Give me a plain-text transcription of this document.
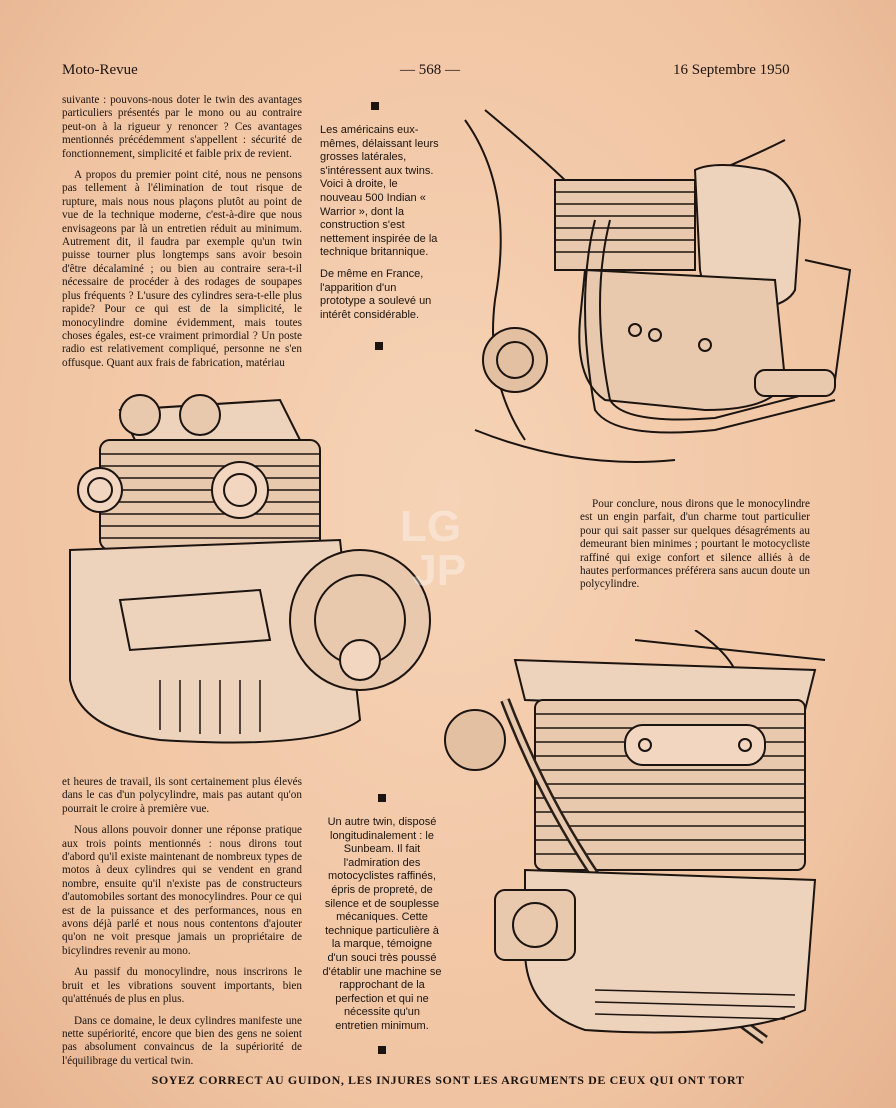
Moto-Revue	— 568 —	16 Septembre 1950

suivante : pouvons-nous doter le twin des avantages particuliers présentés par le mono ou au contraire peut-on à la rigueur y renoncer ? Ces avantages mentionnés précédemment s'appellent : sécurité de fonctionnement, simplicité et faible prix de revient.

A propos du premier point cité, nous ne pensons pas tellement à l'élimination de tout risque de rupture, mais nous nous plaçons plutôt au point de vue de la technique moderne, c'est-à-dire que nous envisageons par là un entretien réduit au minimum. Autrement dit, il faudra par exemple qu'un twin puisse tourner plus longtemps sans avoir besoin d'être décalaminé ; ou bien au contraire sera-t-il nécessaire de procéder à des rodages de soupapes plus fréquents ? L'usure des cylindres sera-t-elle plus rapide? Pour ce qui est de la simplicité, le monocylindre domine évidemment, mais toutes choses égales, est-ce vraiment primordial ? Un poste radio est relativement compliqué, personne ne s'en offusque. Quant aux frais de fabrication, matériau

Les américains eux-mêmes, délaissant leurs grosses latérales, s'intéressent aux twins. Voici à droite, le nouveau 500 Indian « Warrior », dont la construction s'est nettement inspirée de la technique britannique.

De même en France, l'apparition d'un prototype a soulevé un intérêt considérable.

Pour conclure, nous dirons que le monocylindre est un engin parfait, d'un charme tout particulier pour qui sait passer sur quelques désagréments au demeurant bien minimes ; pourtant le motocycliste raffiné qui exige confort et silence alliés à de hautes performances préférera sans aucun doute un polycylindre.

LG
JP

et heures de travail, ils sont certainement plus élevés dans le cas d'un polycylindre, mais pas autant qu'on pourrait le croire à première vue.

Nous allons pouvoir donner une réponse pratique aux trois points mentionnés : nous dirons tout d'abord qu'il existe maintenant de nombreux types de motos à deux cylindres qui se vendent en grand nombre, ensuite qu'il n'existe pas de constructeurs d'automobiles sortant des monocylindres. Pour ce qui est de la puissance et des performances, nous en avons déjà parlé et nous nous contentons d'ajouter qu'on ne voit presque jamais un propriétaire de bicylindres revenir au mono.

Au passif du monocylindre, nous inscrirons le bruit et les vibrations souvent importants, bien qu'atténués de plus en plus.

Dans ce domaine, le deux cylindres manifeste une nette supériorité, encore que bien des gens ne soient pas absolument convaincus de la supériorité de l'équilibrage du vertical twin.

Un autre twin, disposé longitudinalement : le Sunbeam. Il fait l'admiration des motocyclistes raffinés, épris de propreté, de silence et de souplesse mécaniques. Cette technique particulière à la marque, témoigne d'un souci très poussé d'établir une machine se rapprochant de la perfection et qui ne nécessite qu'un entretien minimum.

SOYEZ CORRECT AU GUIDON, LES INJURES SONT LES ARGUMENTS DE CEUX QUI ONT TORT
